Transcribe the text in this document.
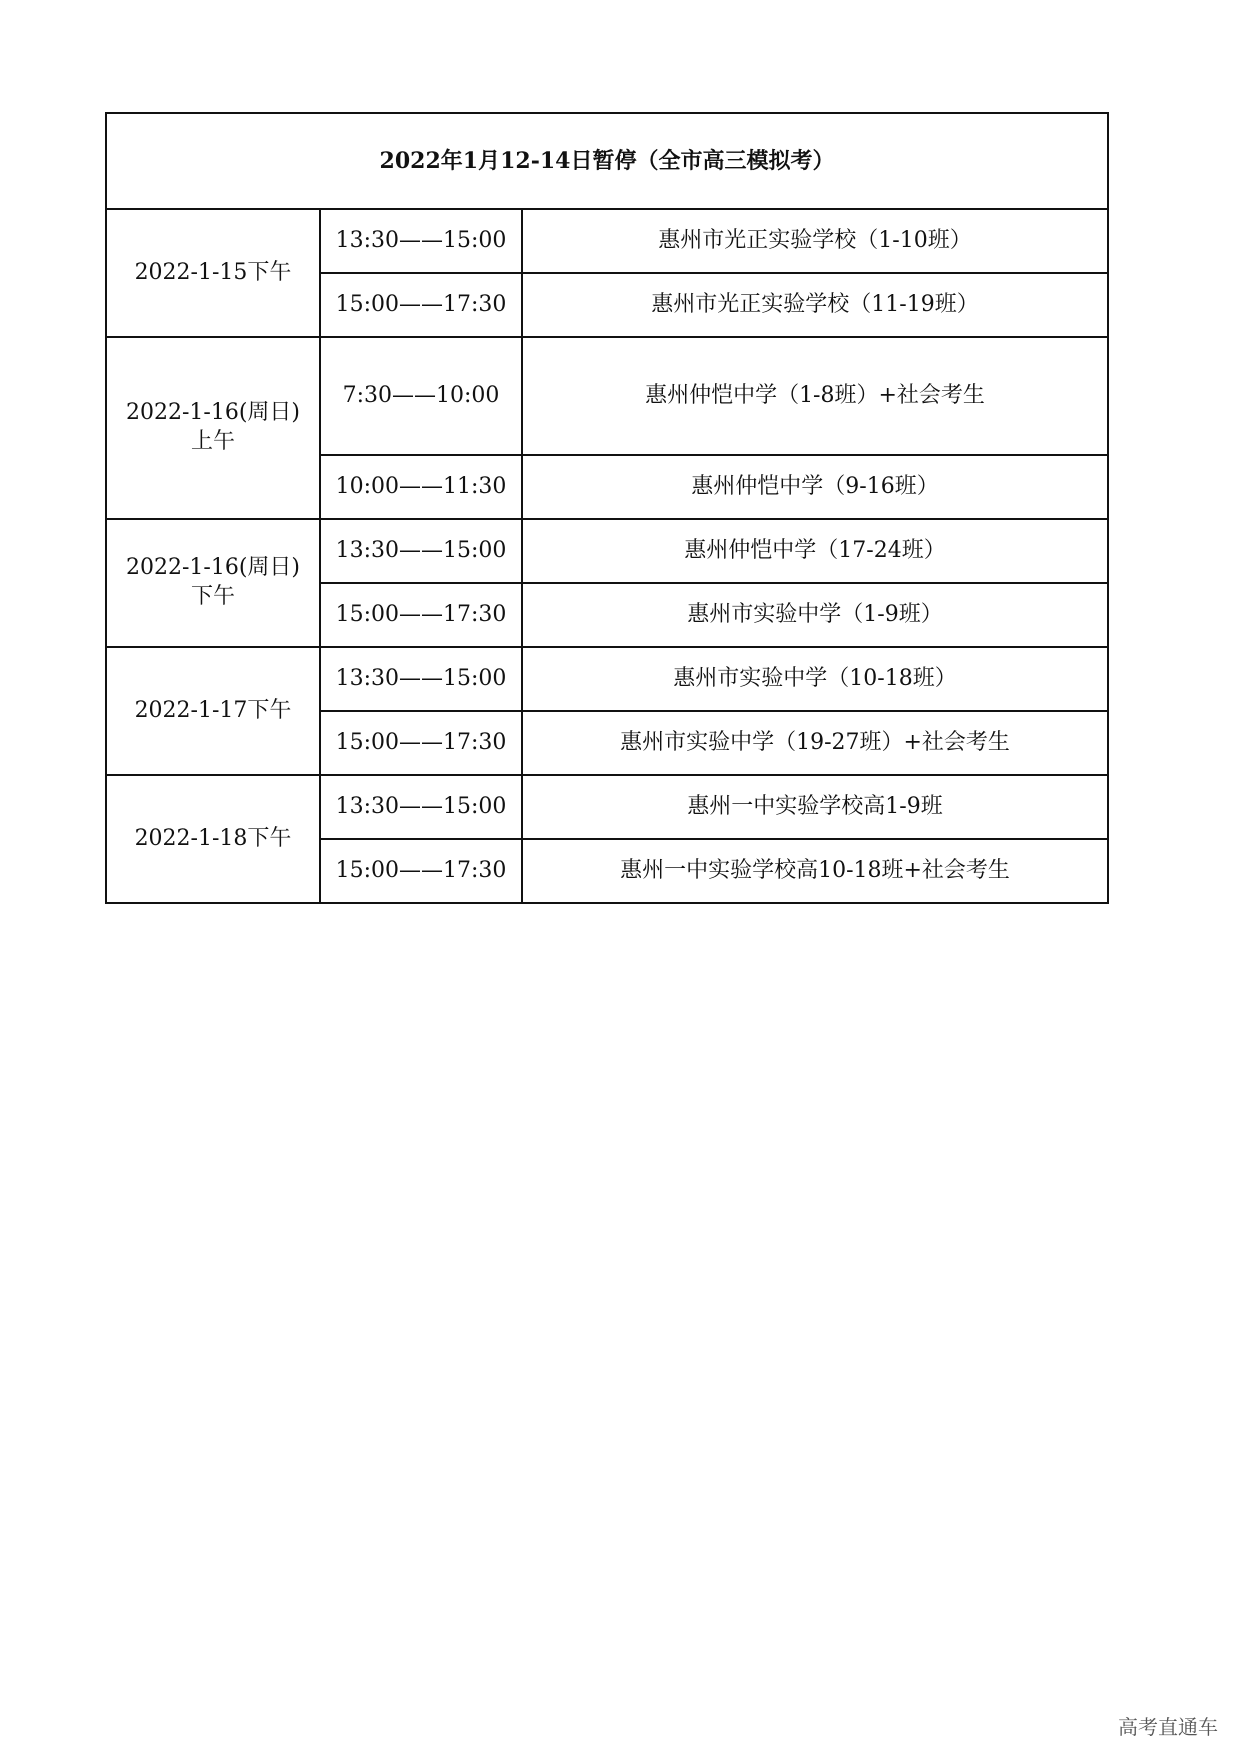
2022年1月12-14日暂停（全市高三模拟考）		

2022-1-15下午	13:30——15:00	惠州市光正实验学校（1-10班）
	15:00——17:30	惠州市光正实验学校（11-19班）

2022-1-16(周日)
上午	7:30——10:00	惠州仲恺中学（1-8班）+社会考生
	10:00——11:30	惠州仲恺中学（9-16班）

2022-1-16(周日)
下午	13:30——15:00	惠州仲恺中学（17-24班）
	15:00——17:30	惠州市实验中学（1-9班）

2022-1-17下午	13:30——15:00	惠州市实验中学（10-18班）
	15:00——17:30	惠州市实验中学（19-27班）+社会考生

2022-1-18下午	13:30——15:00	惠州一中实验学校高1-9班
	15:00——17:30	惠州一中实验学校高10-18班+社会考生
高考直通车
